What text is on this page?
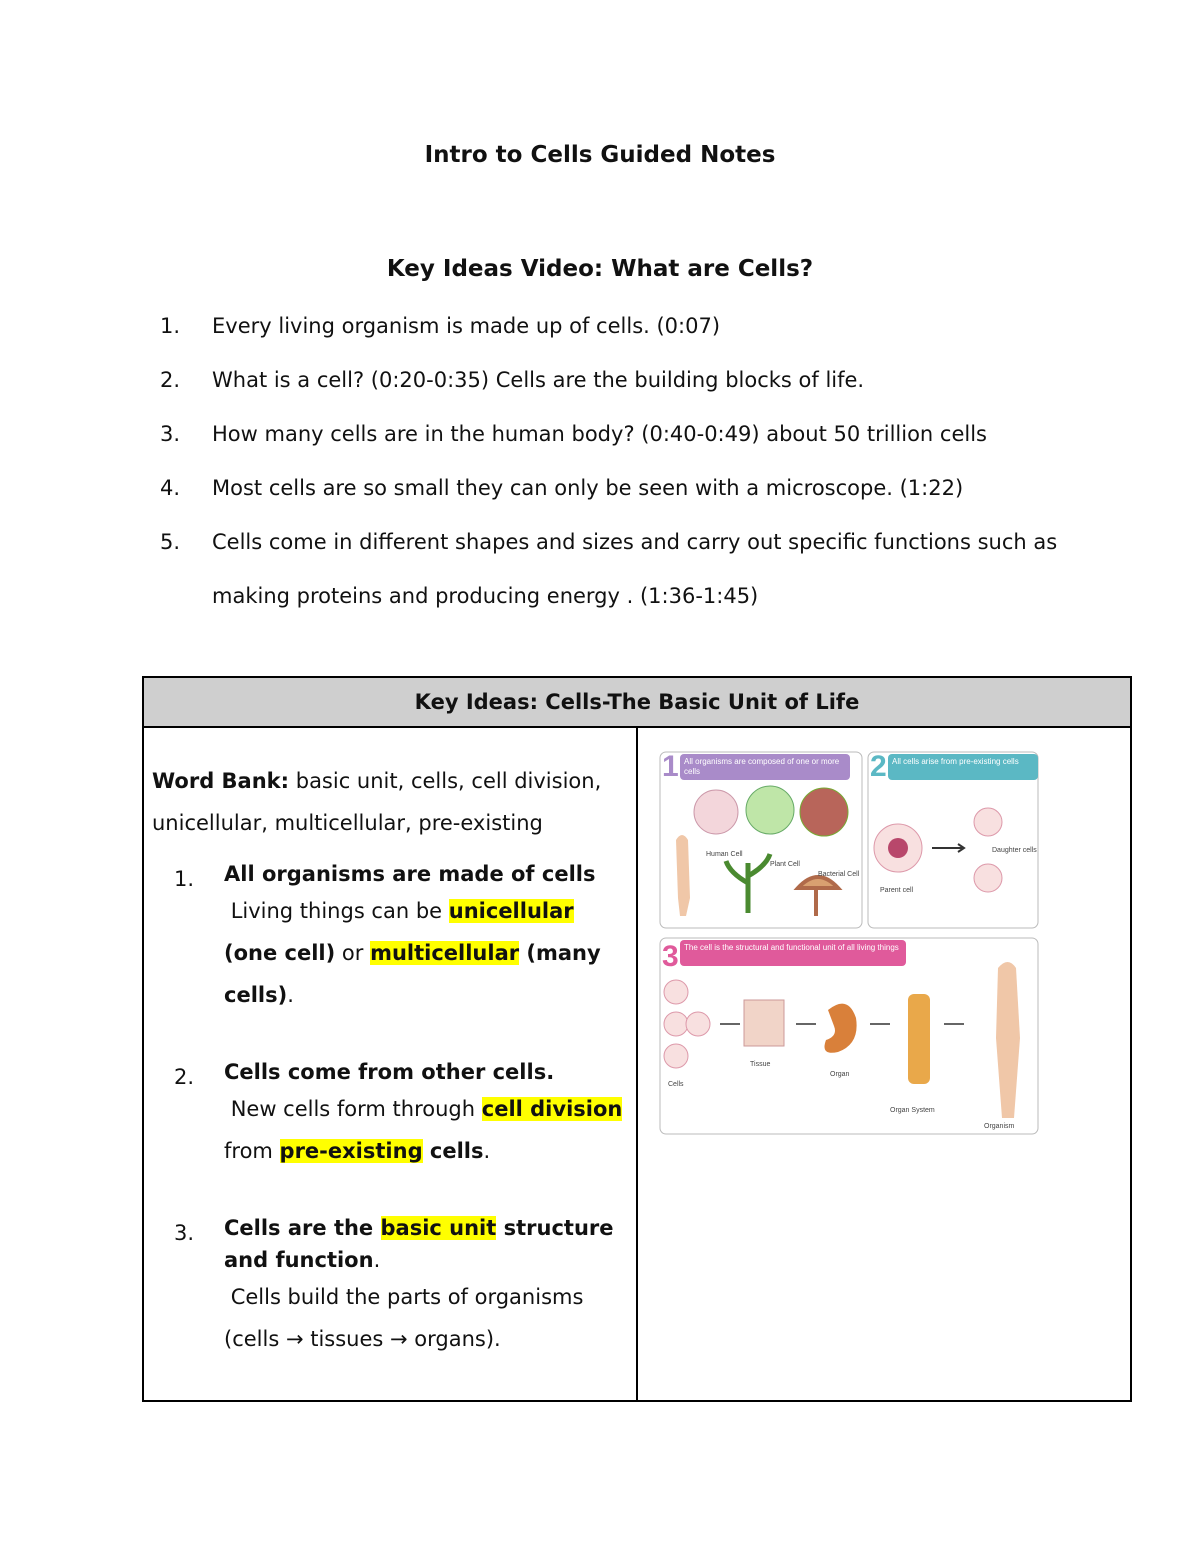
Intro to Cells Guided Notes
Key Ideas Video: What are Cells?
1. Every living organism is made up of cells. (0:07)
2. What is a cell? (0:20-0:35) Cells are the building blocks of life.
3. How many cells are in the human body? (0:40-0:49) about 50 trillion cells
4. Most cells are so small they can only be seen with a microscope. (1:22)
5. Cells come in different shapes and sizes and carry out specific functions such as making proteins and producing energy . (1:36-1:45)
Key Ideas: Cells-The Basic Unit of Life

Word Bank: basic unit, cells, cell division, unicellular, multicellular, pre-existing
1. All organisms are made of cells
Living things can be unicellular (one cell) or multicellular (many cells).
2. Cells come from other cells.
New cells form through cell division from pre-existing cells.
3. Cells are the basic unit structure and function.
Cells build the parts of organisms (cells → tissues → organs).

1 All organisms are composed of one or more cells
Human Cell
Plant Cell
Bacterial Cell
2 All cells arise from pre-existing cells
Parent cell
Daughter cells
3 The cell is the structural and functional unit of all living things
Cells
Tissue
Organ
Organ System
Organism
